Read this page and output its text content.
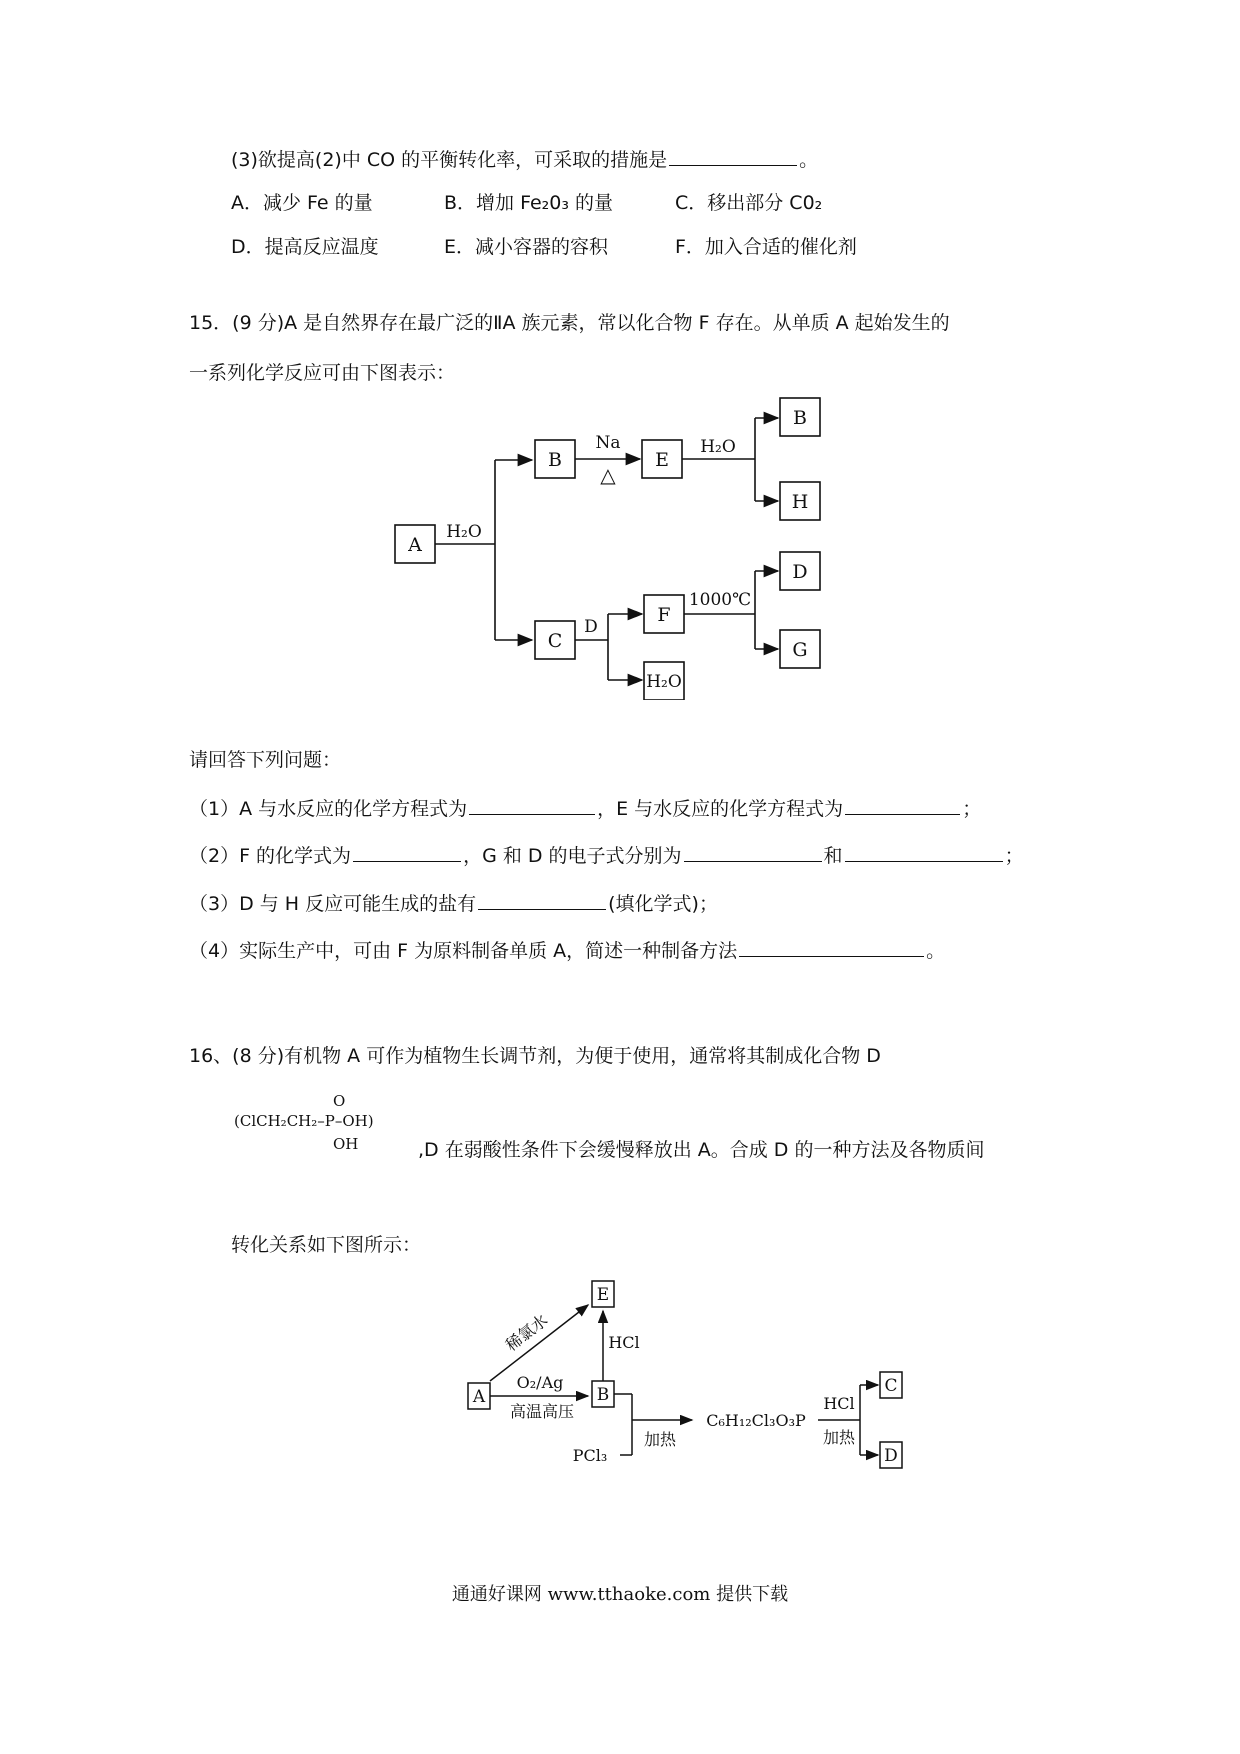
(3)欲提高(2)中 CO 的平衡转化率，可采取的措施是	。
A．减少 Fe 的量	B．增加 Fe₂0₃ 的量	C．移出部分 C0₂
D．提高反应温度	E．减小容器的容积	F．加入合适的催化剂
15．(9 分)A 是自然界存在最广泛的ⅡA 族元素，常以化合物 F 存在。从单质 A 起始发生的
一系列化学反应可由下图表示：
A
B	E
B
H
C
F
H₂O
D
G
H₂O
Na
△
H₂O
1000℃
D
请回答下列问题：
（1）A 与水反应的化学方程式为	，E 与水反应的化学方程式为	；
（2）F 的化学式为	，G 和 D 的电子式分别为	和	；
（3）D 与 H 反应可能生成的盐有	(填化学式)；
（4）实际生产中，可由 F 为原料制备单质 A，简述一种制备方法	。
16、(8 分)有机物 A 可作为植物生长调节剂，为便于使用，通常将其制成化合物 D
O
(ClCH₂CH₂–P–OH)
OH	,D 在弱酸性条件下会缓慢释放出 A。合成 D 的一种方法及各物质间
转化关系如下图所示：
A	B
E
C
D
稀氯水
O₂/Ag
高温高压
HCl
PCl₃
加热
C₆H₁₂Cl₃O₃P
HCl
加热
通通好课网 www.tthaoke.com 提供下载
